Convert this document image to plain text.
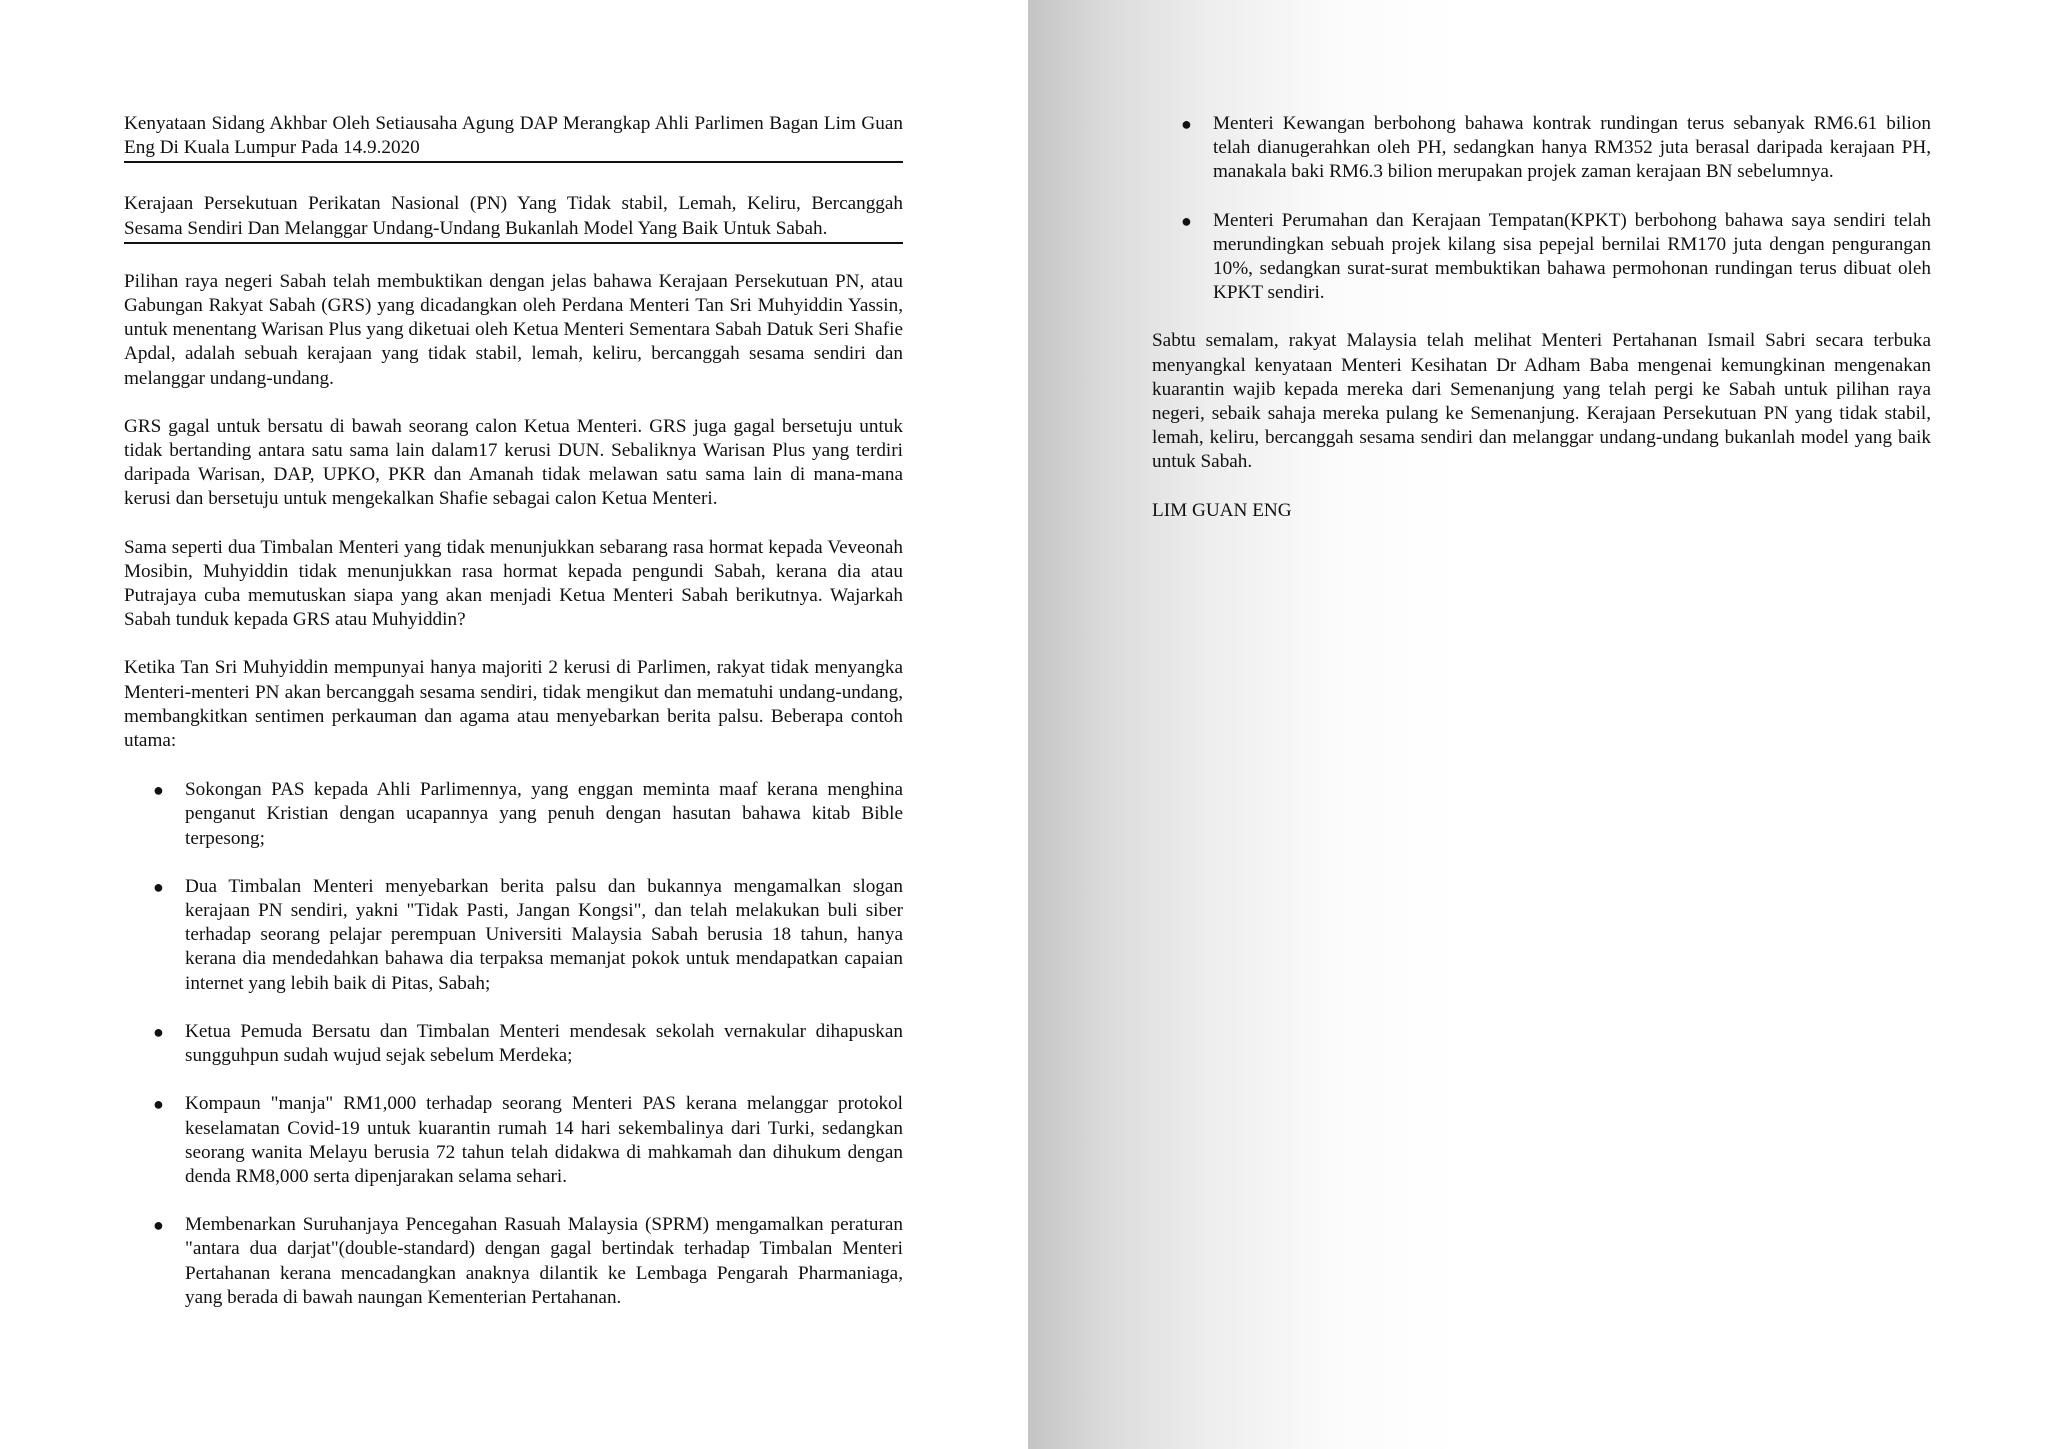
Kenyataan Sidang Akhbar Oleh Setiausaha Agung DAP Merangkap Ahli Parlimen Bagan Lim Guan Eng Di Kuala Lumpur Pada 14.9.2020
Kerajaan Persekutuan Perikatan Nasional (PN) Yang Tidak stabil, Lemah, Keliru, Bercanggah Sesama Sendiri Dan Melanggar Undang-Undang Bukanlah Model Yang Baik Untuk Sabah.

Pilihan raya negeri Sabah telah membuktikan dengan jelas bahawa Kerajaan Persekutuan PN, atau Gabungan Rakyat Sabah (GRS) yang dicadangkan oleh Perdana Menteri Tan Sri Muhyiddin Yassin, untuk menentang Warisan Plus yang diketuai oleh Ketua Menteri Sementara Sabah Datuk Seri Shafie Apdal, adalah sebuah kerajaan yang tidak stabil, lemah, keliru, bercanggah sesama sendiri dan melanggar undang-undang.

GRS gagal untuk bersatu di bawah seorang calon Ketua Menteri. GRS juga gagal bersetuju untuk tidak bertanding antara satu sama lain dalam17 kerusi DUN. Sebaliknya Warisan Plus yang terdiri daripada Warisan, DAP, UPKO, PKR dan Amanah tidak melawan satu sama lain di mana-mana kerusi dan bersetuju untuk mengekalkan Shafie sebagai calon Ketua Menteri.

Sama seperti dua Timbalan Menteri yang tidak menunjukkan sebarang rasa hormat kepada Veveonah Mosibin, Muhyiddin tidak menunjukkan rasa hormat kepada pengundi Sabah, kerana dia atau Putrajaya cuba memutuskan siapa yang akan menjadi Ketua Menteri Sabah berikutnya. Wajarkah Sabah tunduk kepada GRS atau Muhyiddin?

Ketika Tan Sri Muhyiddin mempunyai hanya majoriti 2 kerusi di Parlimen, rakyat tidak menyangka Menteri-menteri PN akan bercanggah sesama sendiri, tidak mengikut dan mematuhi undang-undang, membangkitkan sentimen perkauman dan agama atau menyebarkan berita palsu. Beberapa contoh utama:

● Sokongan PAS kepada Ahli Parlimennya, yang enggan meminta maaf kerana menghina penganut Kristian dengan ucapannya yang penuh dengan hasutan bahawa kitab Bible terpesong;
● Dua Timbalan Menteri menyebarkan berita palsu dan bukannya mengamalkan slogan kerajaan PN sendiri, yakni "Tidak Pasti, Jangan Kongsi", dan telah melakukan buli siber terhadap seorang pelajar perempuan Universiti Malaysia Sabah berusia 18 tahun, hanya kerana dia mendedahkan bahawa dia terpaksa memanjat pokok untuk mendapatkan capaian internet yang lebih baik di Pitas, Sabah;
● Ketua Pemuda Bersatu dan Timbalan Menteri mendesak sekolah vernakular dihapuskan sungguhpun sudah wujud sejak sebelum Merdeka;
● Kompaun "manja" RM1,000 terhadap seorang Menteri PAS kerana melanggar protokol keselamatan Covid-19 untuk kuarantin rumah 14 hari sekembalinya dari Turki, sedangkan seorang wanita Melayu berusia 72 tahun telah didakwa di mahkamah dan dihukum dengan denda RM8,000 serta dipenjarakan selama sehari.
● Membenarkan Suruhanjaya Pencegahan Rasuah Malaysia (SPRM) mengamalkan peraturan "antara dua darjat"(double-standard) dengan gagal bertindak terhadap Timbalan Menteri Pertahanan kerana mencadangkan anaknya dilantik ke Lembaga Pengarah Pharmaniaga, yang berada di bawah naungan Kementerian Pertahanan.
● Menteri Kewangan berbohong bahawa kontrak rundingan terus sebanyak RM6.61 bilion telah dianugerahkan oleh PH, sedangkan hanya RM352 juta berasal daripada kerajaan PH, manakala baki RM6.3 bilion merupakan projek zaman kerajaan BN sebelumnya.
● Menteri Perumahan dan Kerajaan Tempatan(KPKT) berbohong bahawa saya sendiri telah merundingkan sebuah projek kilang sisa pepejal bernilai RM170 juta dengan pengurangan 10%, sedangkan surat-surat membuktikan bahawa permohonan rundingan terus dibuat oleh KPKT sendiri.

Sabtu semalam, rakyat Malaysia telah melihat Menteri Pertahanan Ismail Sabri secara terbuka menyangkal kenyataan Menteri Kesihatan Dr Adham Baba mengenai kemungkinan mengenakan kuarantin wajib kepada mereka dari Semenanjung yang telah pergi ke Sabah untuk pilihan raya negeri, sebaik sahaja mereka pulang ke Semenanjung. Kerajaan Persekutuan PN yang tidak stabil, lemah, keliru, bercanggah sesama sendiri dan melanggar undang-undang bukanlah model yang baik untuk Sabah.

LIM GUAN ENG
